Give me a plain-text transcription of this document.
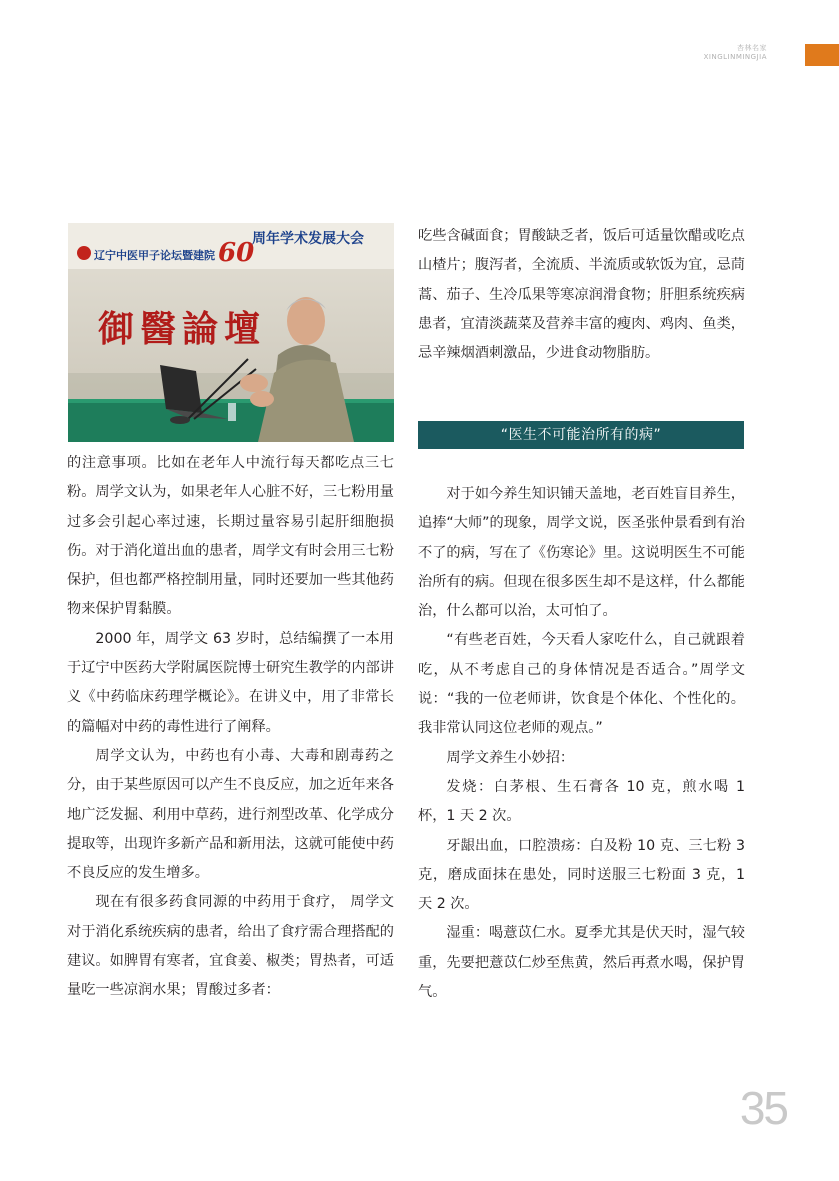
杏林名家
XINGLINMINGJIA
辽宁中医甲子论坛暨建院 60
周年学术发展大会
御醫論壇

的注意事项。比如在老年人中流行每天都吃点三七粉。周学文认为，如果老年人心脏不好，三七粉用量过多会引起心率过速，长期过量容易引起肝细胞损伤。对于消化道出血的患者，周学文有时会用三七粉保护，但也都严格控制用量，同时还要加一些其他药物来保护胃黏膜。

2000 年，周学文 63 岁时，总结编撰了一本用于辽宁中医药大学附属医院博士研究生教学的内部讲义《中药临床药理学概论》。在讲义中，用了非常长的篇幅对中药的毒性进行了阐释。

周学文认为，中药也有小毒、大毒和剧毒药之分，由于某些原因可以产生不良反应，加之近年来各地广泛发掘、利用中草药，进行剂型改革、化学成分提取等，出现许多新产品和新用法，这就可能使中药不良反应的发生增多。

现在有很多药食同源的中药用于食疗， 周学文对于消化系统疾病的患者，给出了食疗需合理搭配的建议。如脾胃有寒者，宜食姜、椒类；胃热者，可适量吃一些凉润水果；胃酸过多者：

吃些含碱面食；胃酸缺乏者，饭后可适量饮醋或吃点山楂片；腹泻者，全流质、半流质或软饭为宜，忌茼蒿、茄子、生冷瓜果等寒凉润滑食物；肝胆系统疾病患者，宜清淡蔬菜及营养丰富的瘦肉、鸡肉、鱼类，忌辛辣烟酒刺激品，少进食动物脂肪。

“医生不可能治所有的病”

对于如今养生知识铺天盖地，老百姓盲目养生，追捧“大师”的现象，周学文说，医圣张仲景看到有治不了的病，写在了《伤寒论》里。这说明医生不可能治所有的病。但现在很多医生却不是这样，什么都能治，什么都可以治，太可怕了。

“有些老百姓，今天看人家吃什么，自己就跟着吃，从不考虑自己的身体情况是否适合。”周学文说：“我的一位老师讲，饮食是个体化、个性化的。我非常认同这位老师的观点。”

周学文养生小妙招：

发烧：白茅根、生石膏各 10 克，煎水喝 1 杯，1 天 2 次。

牙龈出血，口腔溃疡：白及粉 10 克、三七粉 3 克，磨成面抹在患处，同时送服三七粉面 3 克，1 天 2 次。

湿重：喝薏苡仁水。夏季尤其是伏天时，湿气较重，先要把薏苡仁炒至焦黄，然后再煮水喝，保护胃气。

35
